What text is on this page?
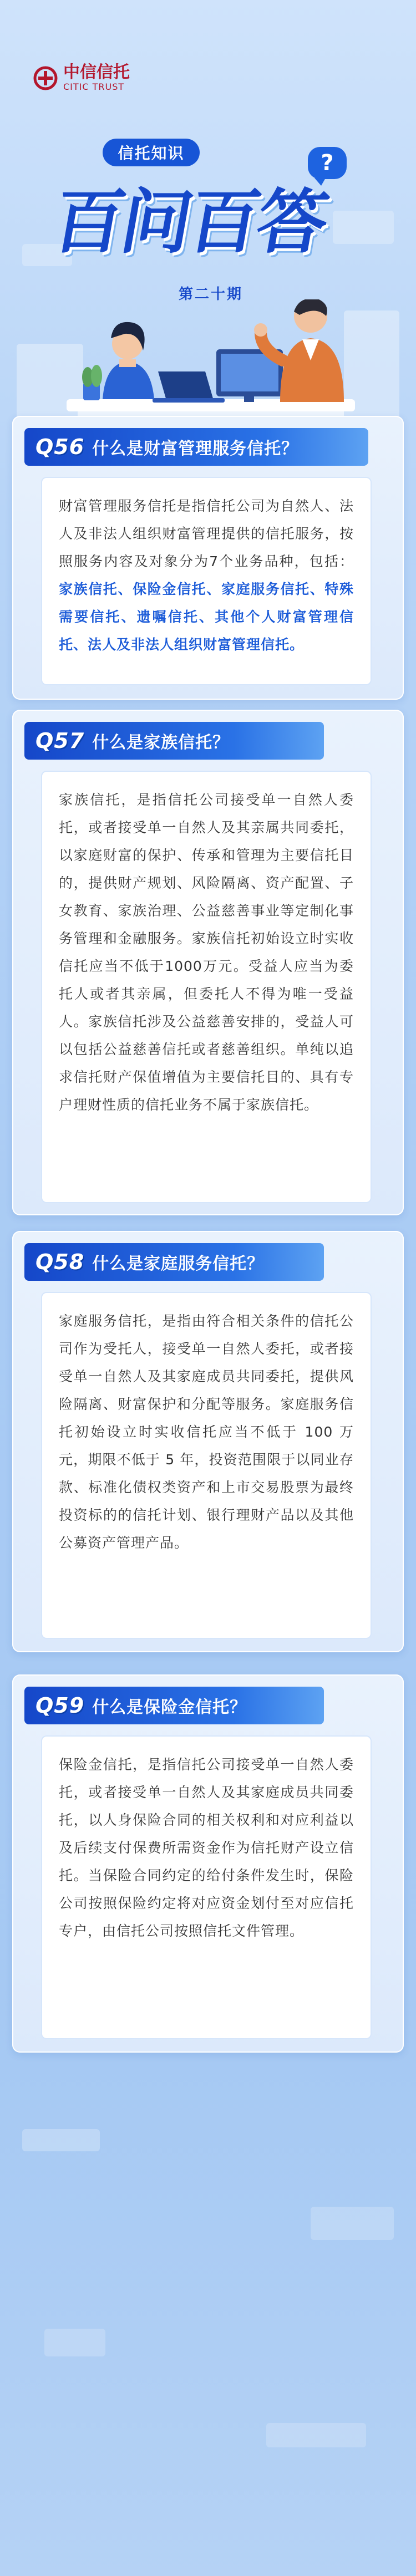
中信信托
CITIC TRUST
信托知识
百问百答
?
第二十期
Q56 什么是财富管理服务信托？
财富管理服务信托是指信托公司为自然人、法人及非法人组织财富管理提供的信托服务，按照服务内容及对象分为7个业务品种，包括：家族信托、保险金信托、家庭服务信托、特殊需要信托、遗嘱信托、其他个人财富管理信托、法人及非法人组织财富管理信托。
Q57 什么是家族信托？
家族信托，是指信托公司接受单一自然人委托，或者接受单一自然人及其亲属共同委托，以家庭财富的保护、传承和管理为主要信托目的，提供财产规划、风险隔离、资产配置、子女教育、家族治理、公益慈善事业等定制化事务管理和金融服务。家族信托初始设立时实收信托应当不低于1000万元。受益人应当为委托人或者其亲属，但委托人不得为唯一受益人。家族信托涉及公益慈善安排的，受益人可以包括公益慈善信托或者慈善组织。单纯以追求信托财产保值增值为主要信托目的、具有专户理财性质的信托业务不属于家族信托。
Q58 什么是家庭服务信托？
家庭服务信托，是指由符合相关条件的信托公司作为受托人，接受单一自然人委托，或者接受单一自然人及其家庭成员共同委托，提供风险隔离、财富保护和分配等服务。家庭服务信托初始设立时实收信托应当不低于 100 万元，期限不低于 5 年，投资范围限于以同业存款、标准化债权类资产和上市交易股票为最终投资标的的信托计划、银行理财产品以及其他公募资产管理产品。
Q59 什么是保险金信托？
保险金信托，是指信托公司接受单一自然人委托，或者接受单一自然人及其家庭成员共同委托，以人身保险合同的相关权利和对应利益以及后续支付保费所需资金作为信托财产设立信托。当保险合同约定的给付条件发生时，保险公司按照保险约定将对应资金划付至对应信托专户，由信托公司按照信托文件管理。
